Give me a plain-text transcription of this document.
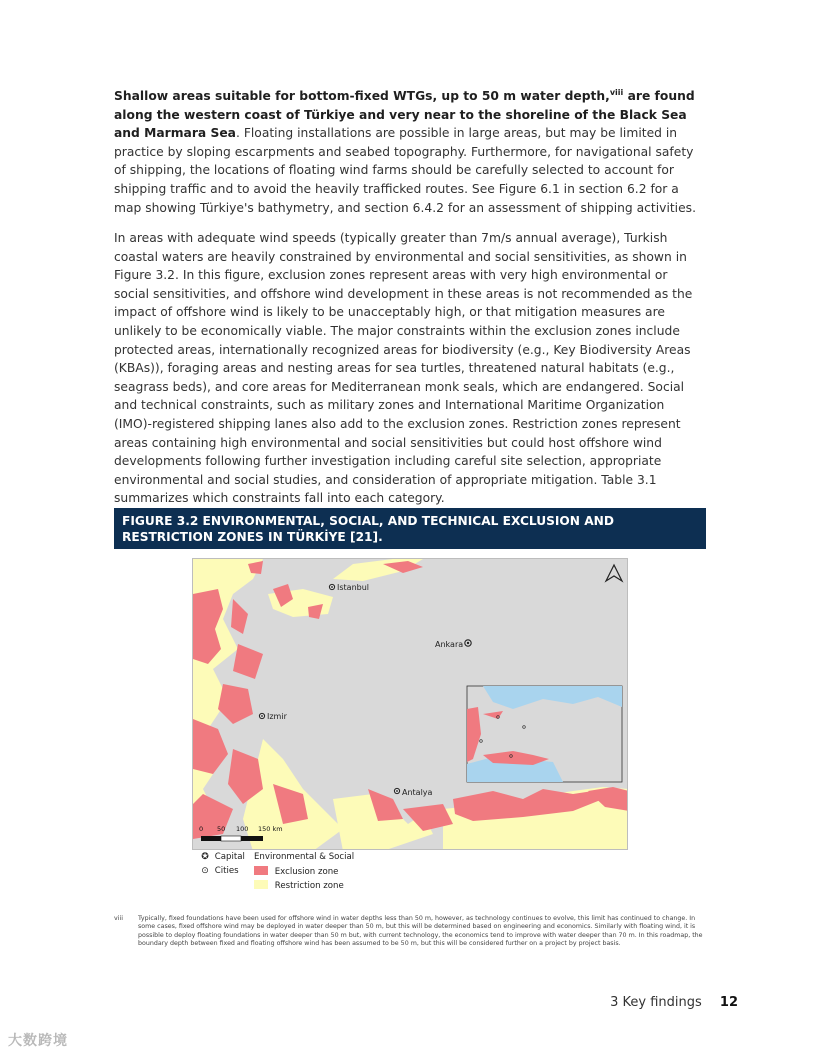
Shallow areas suitable for bottom-fixed WTGs, up to 50 m water depth,$^{viii}$ are found along the western coast of Türkiye and very near to the shoreline of the Black Sea and Marmara Sea. Floating installations are possible in large areas, but may be limited in practice by sloping escarpments and seabed topography. Furthermore, for navigational safety of shipping, the locations of floating wind farms should be carefully selected to account for shipping traffic and to avoid the heavily trafficked routes. See Figure 6.1 in section 6.2 for a map showing Türkiye's bathymetry, and section 6.4.2 for an assessment of shipping activities.

In areas with adequate wind speeds (typically greater than 7m/s annual average), Turkish coastal waters are heavily constrained by environmental and social sensitivities, as shown in Figure 3.2. In this figure, exclusion zones represent areas with very high environmental or social sensitivities, and offshore wind development in these areas is not recommended as the impact of offshore wind is likely to be unacceptably high, or that mitigation measures are unlikely to be economically viable. The major constraints within the exclusion zones include protected areas, internationally recognized areas for biodiversity (e.g., Key Biodiversity Areas (KBAs)), foraging areas and nesting areas for sea turtles, threatened natural habitats (e.g., seagrass beds), and core areas for Mediterranean monk seals, which are endangered. Social and technical constraints, such as military zones and International Maritime Organization (IMO)-registered shipping lanes also add to the exclusion zones. Restriction zones represent areas containing high environmental and social sensitivities but could host offshore wind developments following further investigation including careful site selection, appropriate environmental and social studies, and consideration of appropriate mitigation. Table 3.1 summarizes which constraints fall into each category.

FIGURE 3.2 ENVIRONMENTAL, SOCIAL, AND TECHNICAL EXCLUSION AND RESTRICTION ZONES IN TÜRKİYE [21].
Istanbul
Ankara
Izmir
Antalya
0 50 100 150 km
✪ Capital
⊙ Cities
Environmental & Social
Exclusion zone
Restriction zone
viii Typically, fixed foundations have been used for offshore wind in water depths less than 50 m, however, as technology continues to evolve, this limit has continued to change. In some cases, fixed offshore wind may be deployed in water deeper than 50 m, but this will be determined based on engineering and economics. Similarly with floating wind, it is possible to deploy floating foundations in water deeper than 50 m but, with current technology, the economics tend to improve with water deeper than 70 m. In this roadmap, the boundary depth between fixed and floating offshore wind has been assumed to be 50 m, but this will be considered further on a project by project basis.
3 Key findings 12
大数跨境
